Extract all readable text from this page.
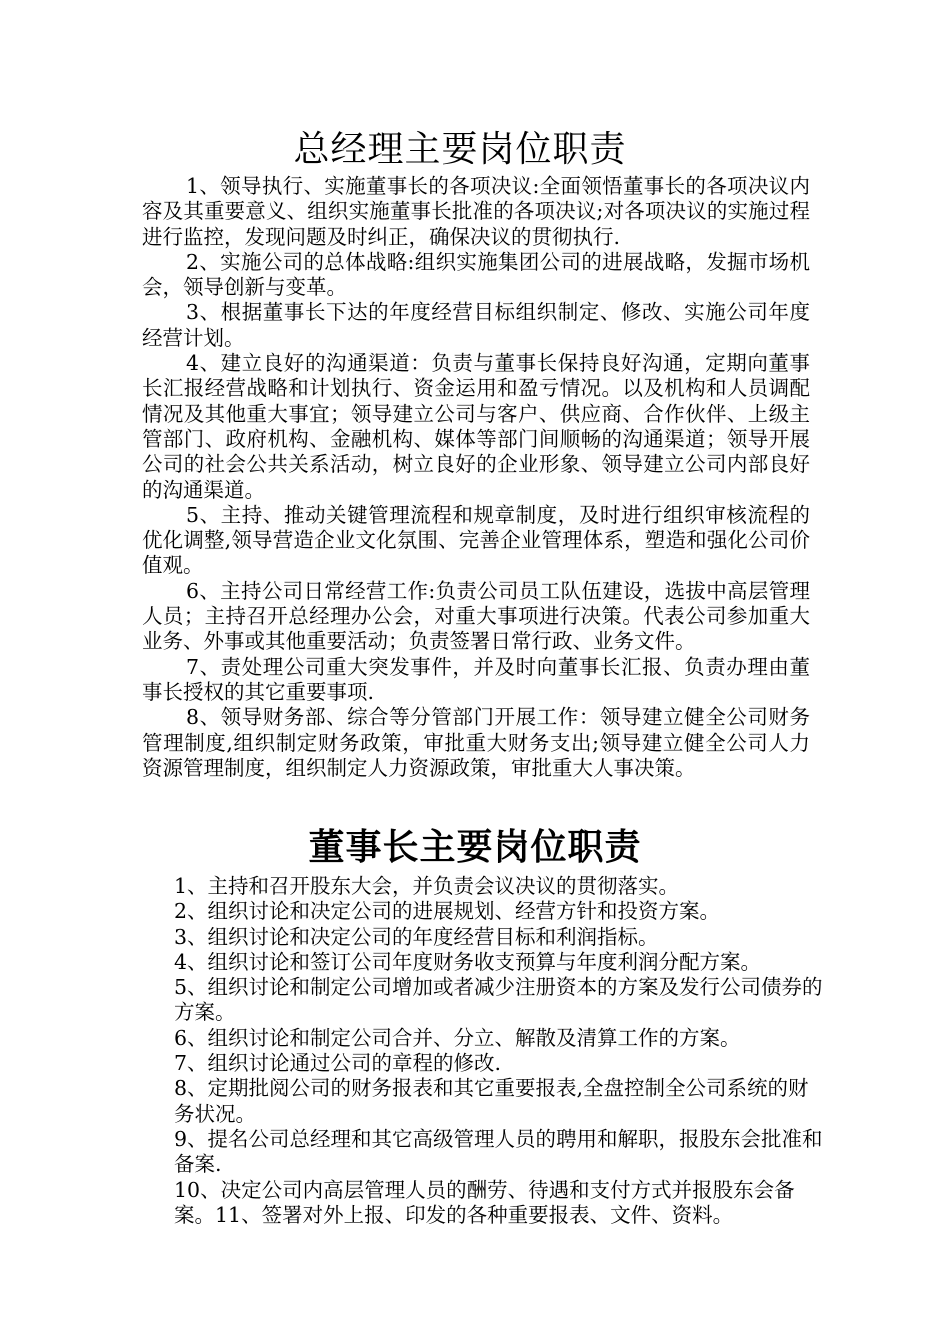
总经理主要岗位职责

1、领导执行、实施董事长的各项决议:全面领悟董事长的各项决议内容及其重要意义、组织实施董事长批准的各项决议;对各项决议的实施过程进行监控，发现问题及时纠正，确保决议的贯彻执行.

2、实施公司的总体战略:组织实施集团公司的进展战略，发掘市场机会，领导创新与变革。

3、根据董事长下达的年度经营目标组织制定、修改、实施公司年度经营计划。

4、建立良好的沟通渠道：负责与董事长保持良好沟通，定期向董事长汇报经营战略和计划执行、资金运用和盈亏情况。以及机构和人员调配情况及其他重大事宜；领导建立公司与客户、供应商、合作伙伴、上级主管部门、政府机构、金融机构、媒体等部门间顺畅的沟通渠道；领导开展公司的社会公共关系活动，树立良好的企业形象、领导建立公司内部良好的沟通渠道。

5、主持、推动关键管理流程和规章制度，及时进行组织审核流程的优化调整,领导营造企业文化氛围、完善企业管理体系，塑造和强化公司价值观。

6、主持公司日常经营工作:负责公司员工队伍建设，选拔中高层管理人员；主持召开总经理办公会，对重大事项进行决策。代表公司参加重大业务、外事或其他重要活动；负责签署日常行政、业务文件。

7、责处理公司重大突发事件，并及时向董事长汇报、负责办理由董事长授权的其它重要事项.

8、领导财务部、综合等分管部门开展工作：领导建立健全公司财务管理制度,组织制定财务政策，审批重大财务支出;领导建立健全公司人力资源管理制度，组织制定人力资源政策，审批重大人事决策。

董事长主要岗位职责

1、主持和召开股东大会，并负责会议决议的贯彻落实。

2、组织讨论和决定公司的进展规划、经营方针和投资方案。

3、组织讨论和决定公司的年度经营目标和利润指标。

4、组织讨论和签订公司年度财务收支预算与年度利润分配方案。

5、组织讨论和制定公司增加或者减少注册资本的方案及发行公司债券的方案。

6、组织讨论和制定公司合并、分立、解散及清算工作的方案。

7、组织讨论通过公司的章程的修改.

8、定期批阅公司的财务报表和其它重要报表,全盘控制全公司系统的财务状况。

9、提名公司总经理和其它高级管理人员的聘用和解职，报股东会批准和备案.

10、决定公司内高层管理人员的酬劳、待遇和支付方式并报股东会备案。11、签署对外上报、印发的各种重要报表、文件、资料。
